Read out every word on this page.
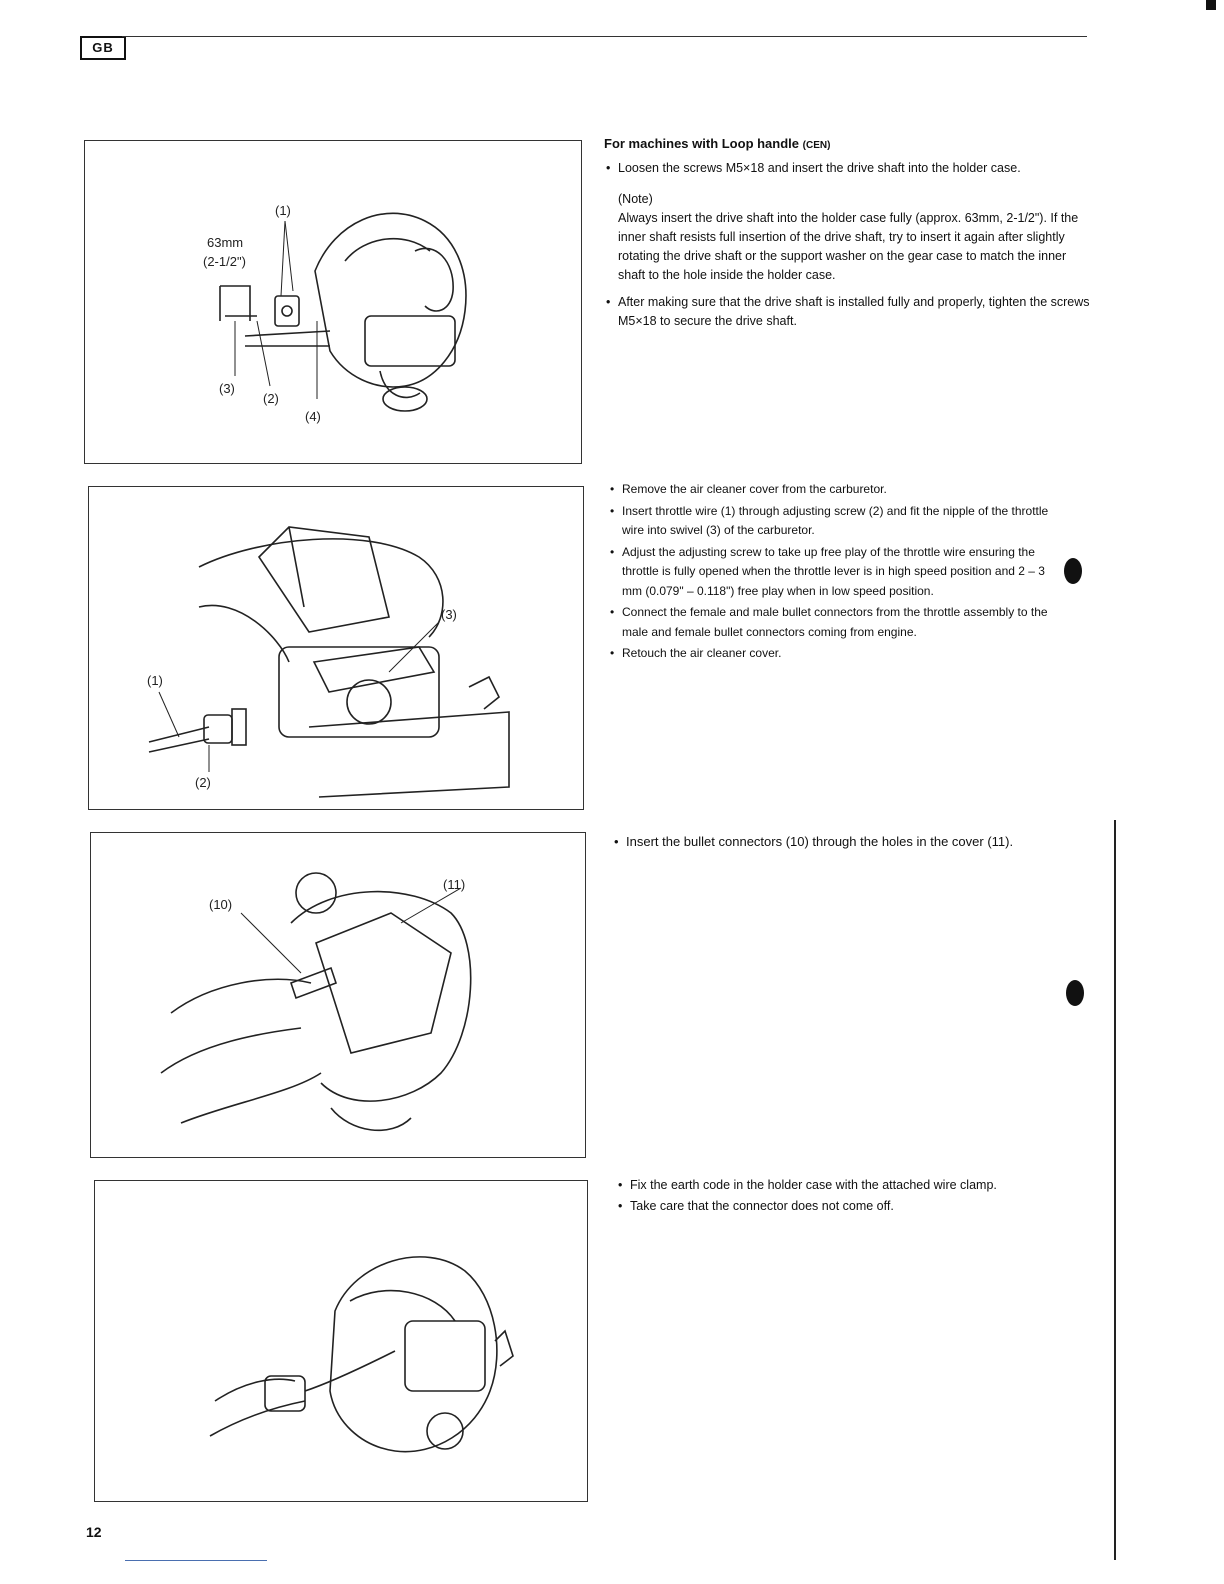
GB
(1)
63mm
(2-1/2")
(3)
(2)
(4)
For machines with Loop handle (CEN)
• Loosen the screws M5×18 and insert the drive shaft into the holder case.
(Note)
Always insert the drive shaft into the holder case fully (approx. 63mm, 2-1/2"). If the inner shaft resists full insertion of the drive shaft, try to insert it again after slightly rotating the drive shaft or the support washer on the gear case to match the inner shaft to the hole inside the holder case.
• After making sure that the drive shaft is installed fully and properly, tighten the screws M5×18 to secure the drive shaft.
(1)
(2)
(3)
• Remove the air cleaner cover from the carburetor.
• Insert throttle wire (1) through adjusting screw (2) and fit the nipple of the throttle wire into swivel (3) of the carburetor.
• Adjust the adjusting screw to take up free play of the throttle wire ensuring the throttle is fully opened when the throttle lever is in high speed position and 2 – 3 mm (0.079" – 0.118") free play when in low speed position.
• Connect the female and male bullet connectors from the throttle assembly to the male and female bullet connectors coming from engine.
• Retouch the air cleaner cover.
(10)
(11)
• Insert the bullet connectors (10) through the holes in the cover (11).
• Fix the earth code in the holder case with the attached wire clamp.
• Take care that the connector does not come off.
12
